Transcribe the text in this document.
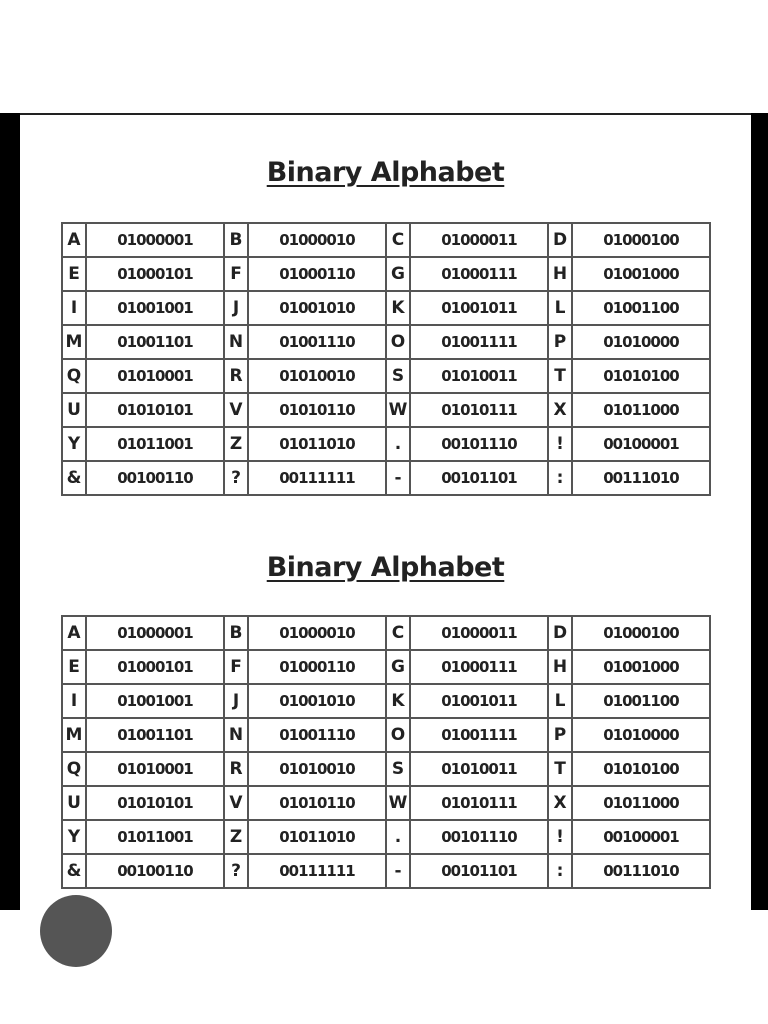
Binary Alphabet
A	01000001	B	01000010	C	01000011	D	01000100
E	01000101	F	01000110	G	01000111	H	01001000
I	01001001	J	01001010	K	01001011	L	01001100
M	01001101	N	01001110	O	01001111	P	01010000
Q	01010001	R	01010010	S	01010011	T	01010100
U	01010101	V	01010110	W	01010111	X	01011000
Y	01011001	Z	01011010	.	00101110	!	00100001
&	00100110	?	00111111	-	00101101	:	00111010
Binary Alphabet
A	01000001	B	01000010	C	01000011	D	01000100
E	01000101	F	01000110	G	01000111	H	01001000
I	01001001	J	01001010	K	01001011	L	01001100
M	01001101	N	01001110	O	01001111	P	01010000
Q	01010001	R	01010010	S	01010011	T	01010100
U	01010101	V	01010110	W	01010111	X	01011000
Y	01011001	Z	01011010	.	00101110	!	00100001
&	00100110	?	00111111	-	00101101	:	00111010
